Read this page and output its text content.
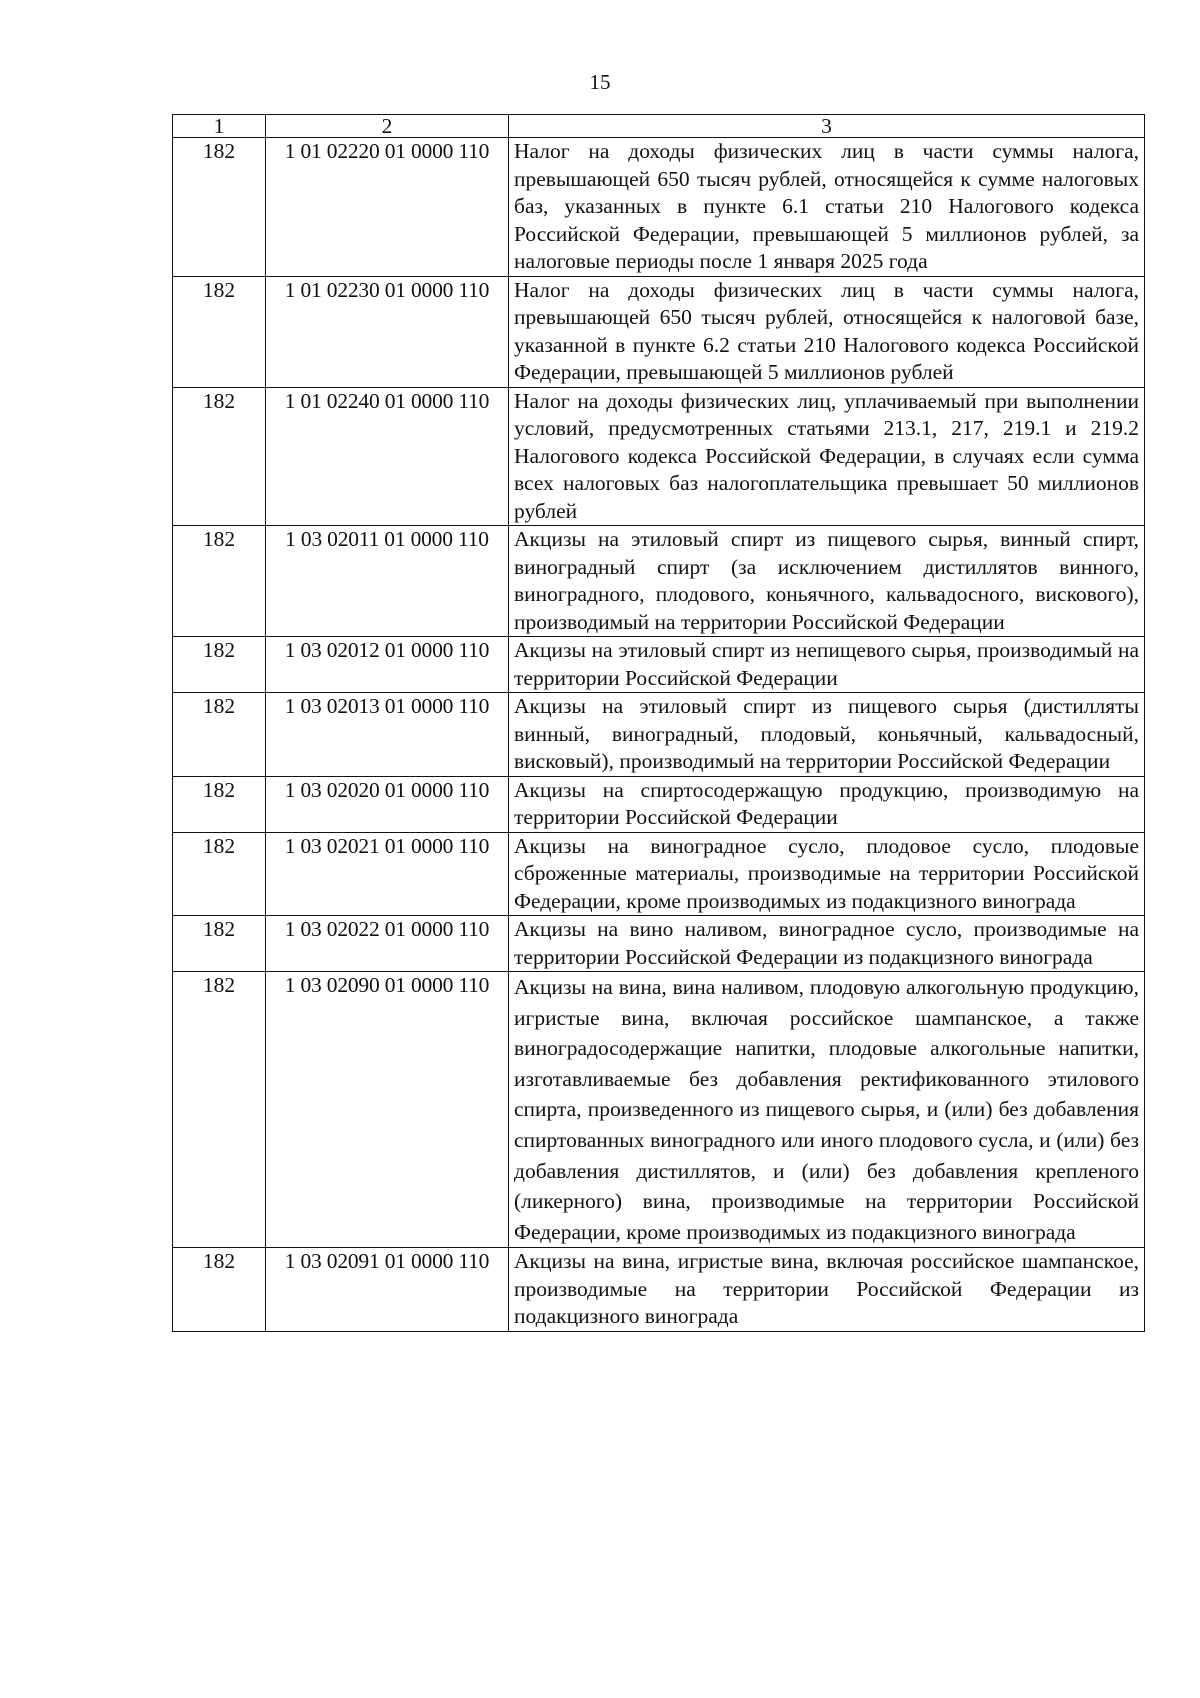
15
1	2	3
182	1 01 02220 01 0000 110	Налог на доходы физических лиц в части суммы налога, превышающей 650 тысяч рублей, относящейся к сумме налоговых баз, указанных в пункте 6.1 статьи 210 Налогового кодекса Российской Федерации, превышающей 5 миллионов рублей, за налоговые периоды после 1 января 2025 года
182	1 01 02230 01 0000 110	Налог на доходы физических лиц в части суммы налога, превышающей 650 тысяч рублей, относящейся к налоговой базе, указанной в пункте 6.2 статьи 210 Налогового кодекса Российской Федерации, превышающей 5 миллионов рублей
182	1 01 02240 01 0000 110	Налог на доходы физических лиц, уплачиваемый при выполнении условий, предусмотренных статьями 213.1, 217, 219.1 и 219.2 Налогового кодекса Российской Федерации, в случаях если сумма всех налоговых баз налогоплательщика превышает 50 миллионов рублей
182	1 03 02011 01 0000 110	Акцизы на этиловый спирт из пищевого сырья, винный спирт, виноградный спирт (за исключением дистиллятов винного, виноградного, плодового, коньячного, кальвадосного, вискового), производимый на территории Российской Федерации
182	1 03 02012 01 0000 110	Акцизы на этиловый спирт из непищевого сырья, производимый на территории Российской Федерации
182	1 03 02013 01 0000 110	Акцизы на этиловый спирт из пищевого сырья (дистилляты винный, виноградный, плодовый, коньячный, кальвадосный, висковый), производимый на территории Российской Федерации
182	1 03 02020 01 0000 110	Акцизы на спиртосодержащую продукцию, производимую на территории Российской Федерации
182	1 03 02021 01 0000 110	Акцизы на виноградное сусло, плодовое сусло, плодовые сброженные материалы, производимые на территории Российской Федерации, кроме производимых из подакцизного винограда
182	1 03 02022 01 0000 110	Акцизы на вино наливом, виноградное сусло, производимые на территории Российской Федерации из подакцизного винограда
182	1 03 02090 01 0000 110	Акцизы на вина, вина наливом, плодовую алкогольную продукцию, игристые вина, включая российское шампанское, а также виноградосодержащие напитки, плодовые алкогольные напитки, изготавливаемые без добавления ректификованного этилового спирта, произведенного из пищевого сырья, и (или) без добавления спиртованных виноградного или иного плодового сусла, и (или) без добавления дистиллятов, и (или) без добавления крепленого (ликерного) вина, производимые на территории Российской Федерации, кроме производимых из подакцизного винограда
182	1 03 02091 01 0000 110	Акцизы на вина, игристые вина, включая российское шампанское, производимые на территории Российской Федерации из подакцизного винограда
